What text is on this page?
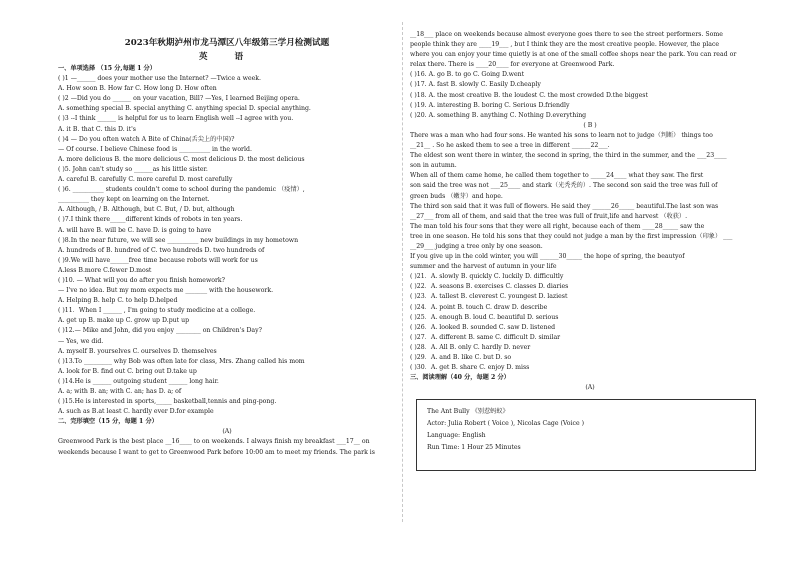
2023年秋期泸州市龙马潭区八年级第三学月检测试题
英 语
一、单项选择 （15 分,每题 1 分）
( )1 —______ does your mother use the Internet? —Twice a week.
A. How soon B. How far C. How long D. How often
( )2 —Did you do ______ on your vacation, Bill? —Yes, I learned Beijing opera.
A. something special B. special anything C. anything special D. special anything.
( )3 --I think ______ is helpful for us to learn English well --I agree with you.
A. it B. that C. this D. it's
( )4 — Do you often watch A Bite of China(舌尖上的中国)?
— Of course. I believe Chinese food is __________ in the world.
A. more delicious B. the more delicious C. most delicious D. the most delicious
( )5. John can't study so ______as his little sister.
A. careful B. carefully C. more careful D. most carefully
( )6. __________ students couldn't come to school during the pandemic （疫情）,
__________ they kept on learning on the Internet.
A. Although, / B. Although, but C. But, / D. but, although
( )7.I think there_____different kinds of robots in ten years.
A. will have B. will be C. have D. is going to have
( )8.In the near future, we will see __________ new buildings in my hometown
A. hundreds of B. hundred of C. two hundreds D. two hundreds of
( )9.We will have______free time because robots will work for us
A.less B.more C.fewer D.most
( )10. — What will you do after you finish homework?
— I've no idea. But my mom expects me _______ with the housework.
A. Helping B. help C. to help D.helped
( )11．When I ______ , I'm going to study medicine at a college.
A. get up B. make up C. grow up D.put up
( )12.— Mike and John, did you enjoy ________ on Children's Day?
— Yes, we did.
A. myself B. yourselves C. ourselves D. themselves
( )13.To _________ why Bob was often late for class, Mrs. Zhang called his mom
A. look for B. find out C. bring out D.take up
( )14.He is ______ outgoing student ______ long hair.
A. a; with B. an; with C. an; has D. a; of
( )15.He is interested in sports,_____ basketball,tennis and ping-pong.
A. such as B.at least C. hardly ever D.for example
二、完形填空（15 分，每题 1 分）
(A)
Greenwood Park is the best place __16____ to on weekends. I always finish my breakfast ___17__ on
weekends because I want to get to Greenwood Park before 10:00 am to meet my friends. The park is
__18___ place on weekends because almost everyone goes there to see the street performers. Some
people think they are ____19___ , but I think they are the most creative people. However, the place
where you can enjoy your time quietly is at one of the small coffee shops near the park. You can read or
relax there. There is ____20____ for everyone at Greenwood Park.
( )16. A. go B. to go C. Going D.went
( )17. A. fast B. slowly C. Easily D.cheaply
( )18. A. the most creative B. the loudest C. the most crowded D.the biggest
( )19. A. interesting B. boring C. Serious D.friendly
( )20. A. something B. anything C. Nothing D.everything
( B )
There was a man who had four sons. He wanted his sons to learn not to judge（判断） things too
__21__ . So he asked them to see a tree in different ______22___.
The eldest son went there in winter, the second in spring, the third in the summer, and the ___23____
son in autumn.
When all of them came home, he called them together to _____24____ what they saw. The first
son said the tree was not ___25____ and stark（光秃秃的）. The second son said the tree was full of
green buds （嫩芽）and hope.
The third son said that it was full of flowers. He said they ______26_____ beautiful.The last son was
__27___ from all of them, and said that the tree was full of fruit,life and harvest （收获）.
The man told his four sons that they were all right, because each of them ____28_____ saw the
tree in one season. He told his sons that they could not judge a man by the first impression（印象） ___
__29___ judging a tree only by one season.
If you give up in the cold winter, you will ______30_____ the hope of spring, the beautyof
summer and the harvest of autumn in your life
( )21．A. slowly B. quickly C. luckily D. difficultly
( )22．A. seasons B. exercises C. classes D. diaries
( )23．A. tallest B. cleverest C. youngest D. laziest
( )24．A. point B. touch C. draw D. describe
( )25．A. enough B. loud C. beautiful D. serious
( )26．A. looked B. sounded C. saw D. listened
( )27．A. different B. same C. difficult D. similar
( )28．A. All B. only C. hardly D. never
( )29．A. and B. like C. but D. so
( )30．A. get B. share C. enjoy D. miss
三、阅读理解（40 分，每题 2 分）
(A)
The Ant Bully 《别惹蚂蚁》
Actor: Julia Robert ( Voice ), Nicolas Cage (Voice )
Language: English
Run Time: 1 Hour 25 Minutes
